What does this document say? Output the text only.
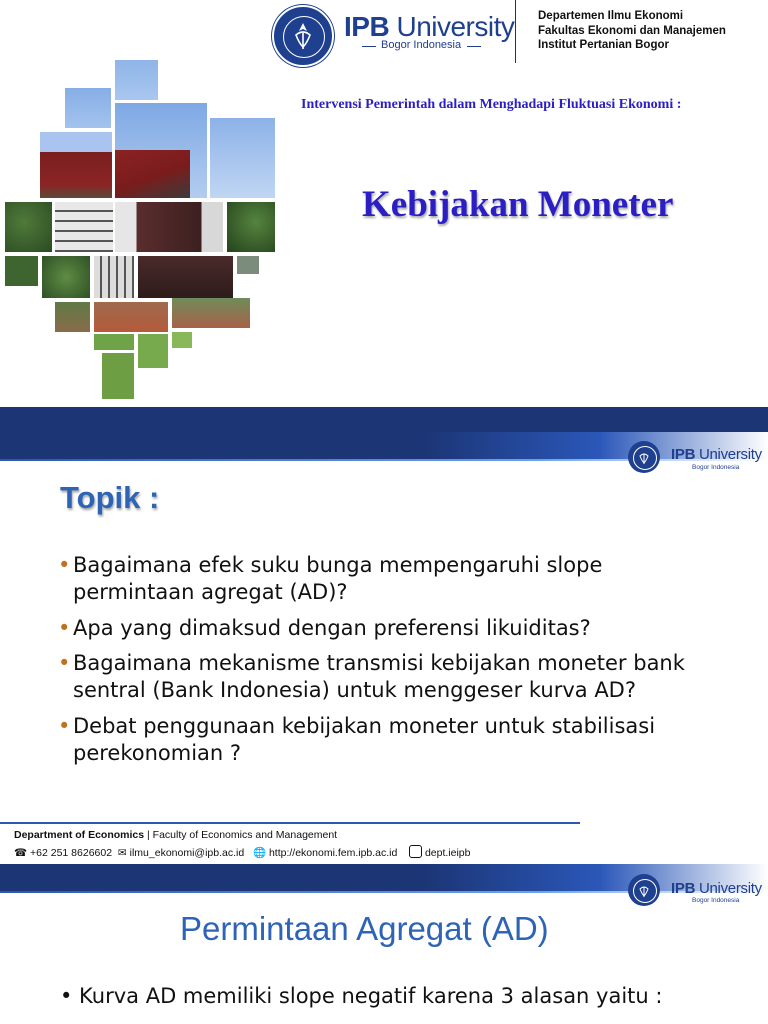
IPB University
Bogor Indonesia
Departemen Ilmu Ekonomi
Fakultas Ekonomi dan Manajemen
Institut Pertanian Bogor
Intervensi Pemerintah dalam Menghadapi Fluktuasi Ekonomi :
Kebijakan Moneter
IPB University
Bogor Indonesia
Topik :
• Bagaimana efek suku bunga mempengaruhi slope permintaan agregat (AD)?
• Apa yang dimaksud dengan preferensi likuiditas?
• Bagaimana mekanisme transmisi kebijakan moneter bank sentral (Bank Indonesia) untuk menggeser kurva AD?
• Debat penggunaan kebijakan moneter untuk stabilisasi perekonomian ?
Department of Economics | Faculty of Economics and Management
☎ +62 251 8626602 ✉ ilmu_ekonomi@ipb.ac.id 🌐 http://ekonomi.fem.ipb.ac.id	dept.ieipb
IPB University
Bogor Indonesia
Permintaan Agregat (AD)
• Kurva AD memiliki slope negatif karena 3 alasan yaitu :
